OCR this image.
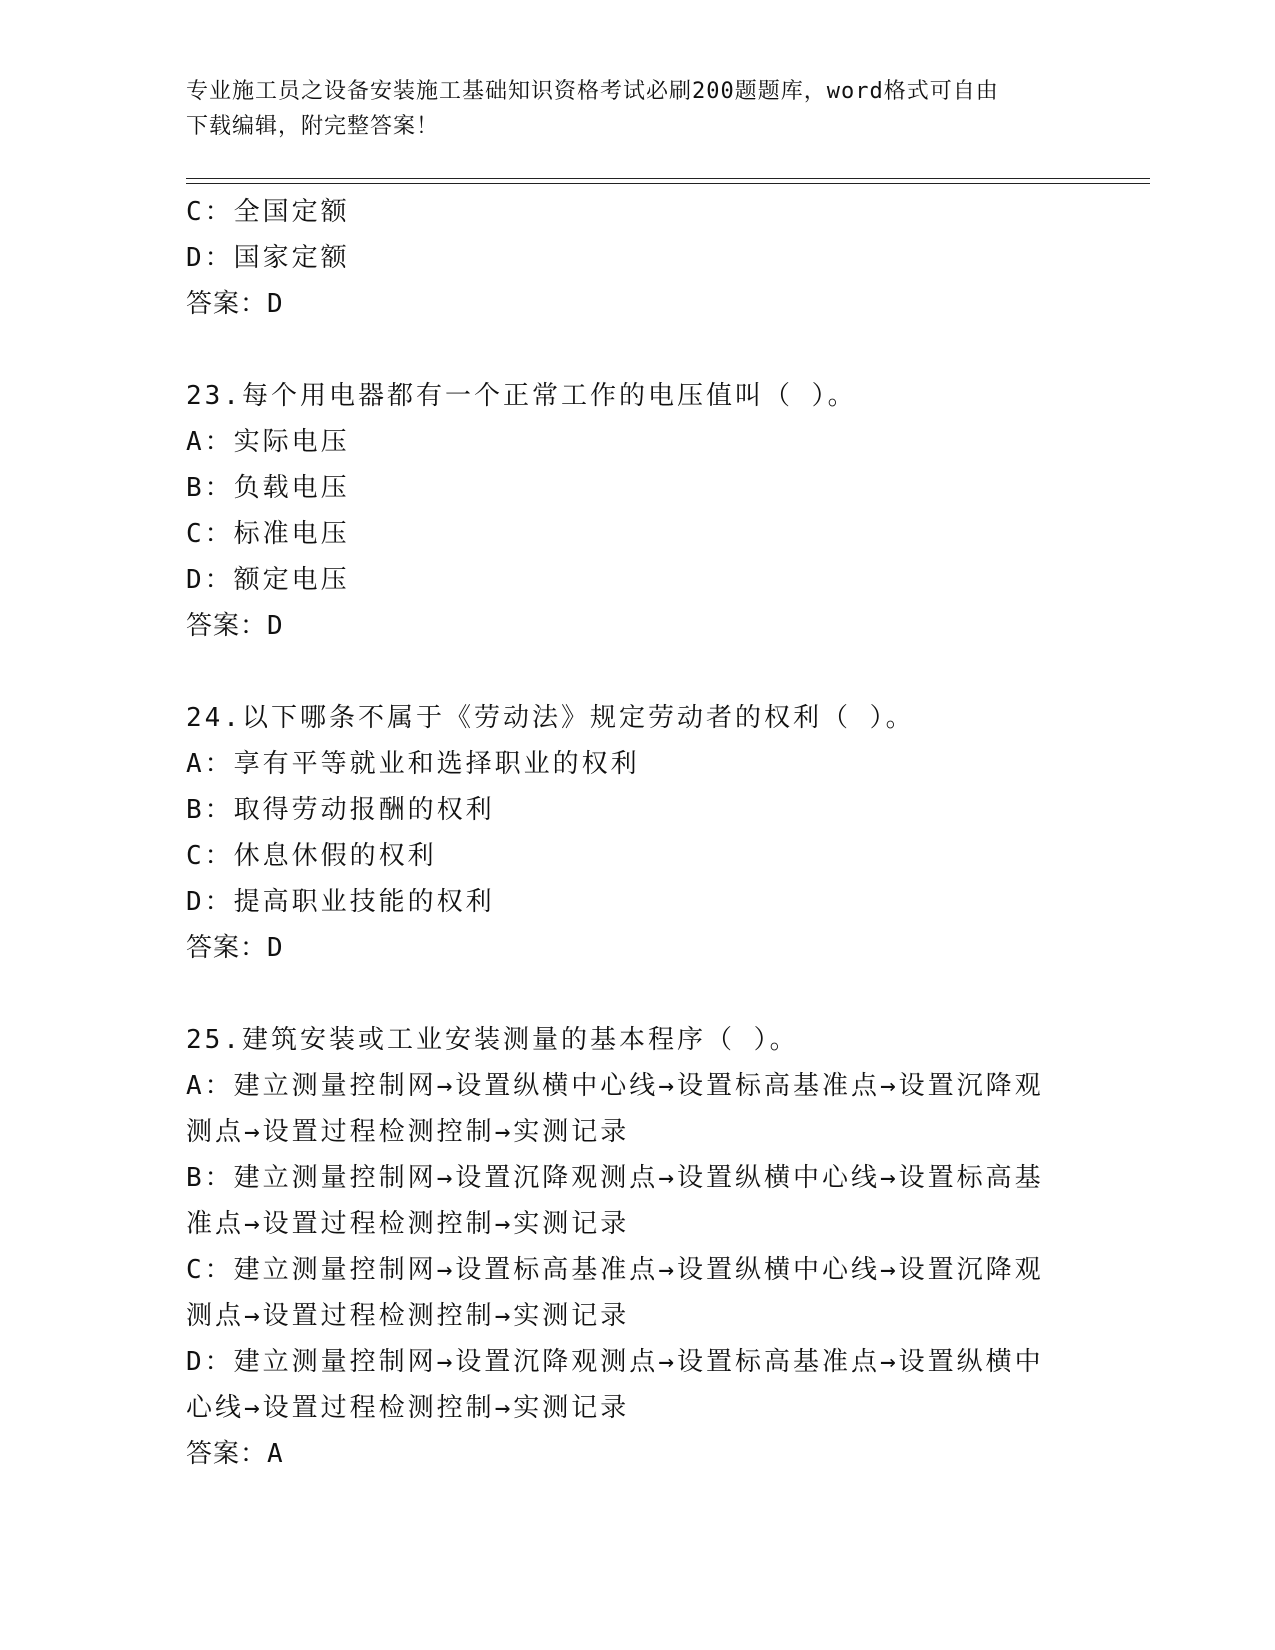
专业施工员之设备安装施工基础知识资格考试必刷200题题库，word格式可自由
下载编辑，附完整答案！
C：全国定额
D：国家定额
答案：D
23.每个用电器都有一个正常工作的电压值叫（ ）。
A：实际电压
B：负载电压
C：标准电压
D：额定电压
答案：D
24.以下哪条不属于《劳动法》规定劳动者的权利（ ）。
A：享有平等就业和选择职业的权利
B：取得劳动报酬的权利
C：休息休假的权利
D：提高职业技能的权利
答案：D
25.建筑安装或工业安装测量的基本程序（ ）。
A：建立测量控制网→设置纵横中心线→设置标高基准点→设置沉降观
测点→设置过程检测控制→实测记录
B：建立测量控制网→设置沉降观测点→设置纵横中心线→设置标高基
准点→设置过程检测控制→实测记录
C：建立测量控制网→设置标高基准点→设置纵横中心线→设置沉降观
测点→设置过程检测控制→实测记录
D：建立测量控制网→设置沉降观测点→设置标高基准点→设置纵横中
心线→设置过程检测控制→实测记录
答案：A
